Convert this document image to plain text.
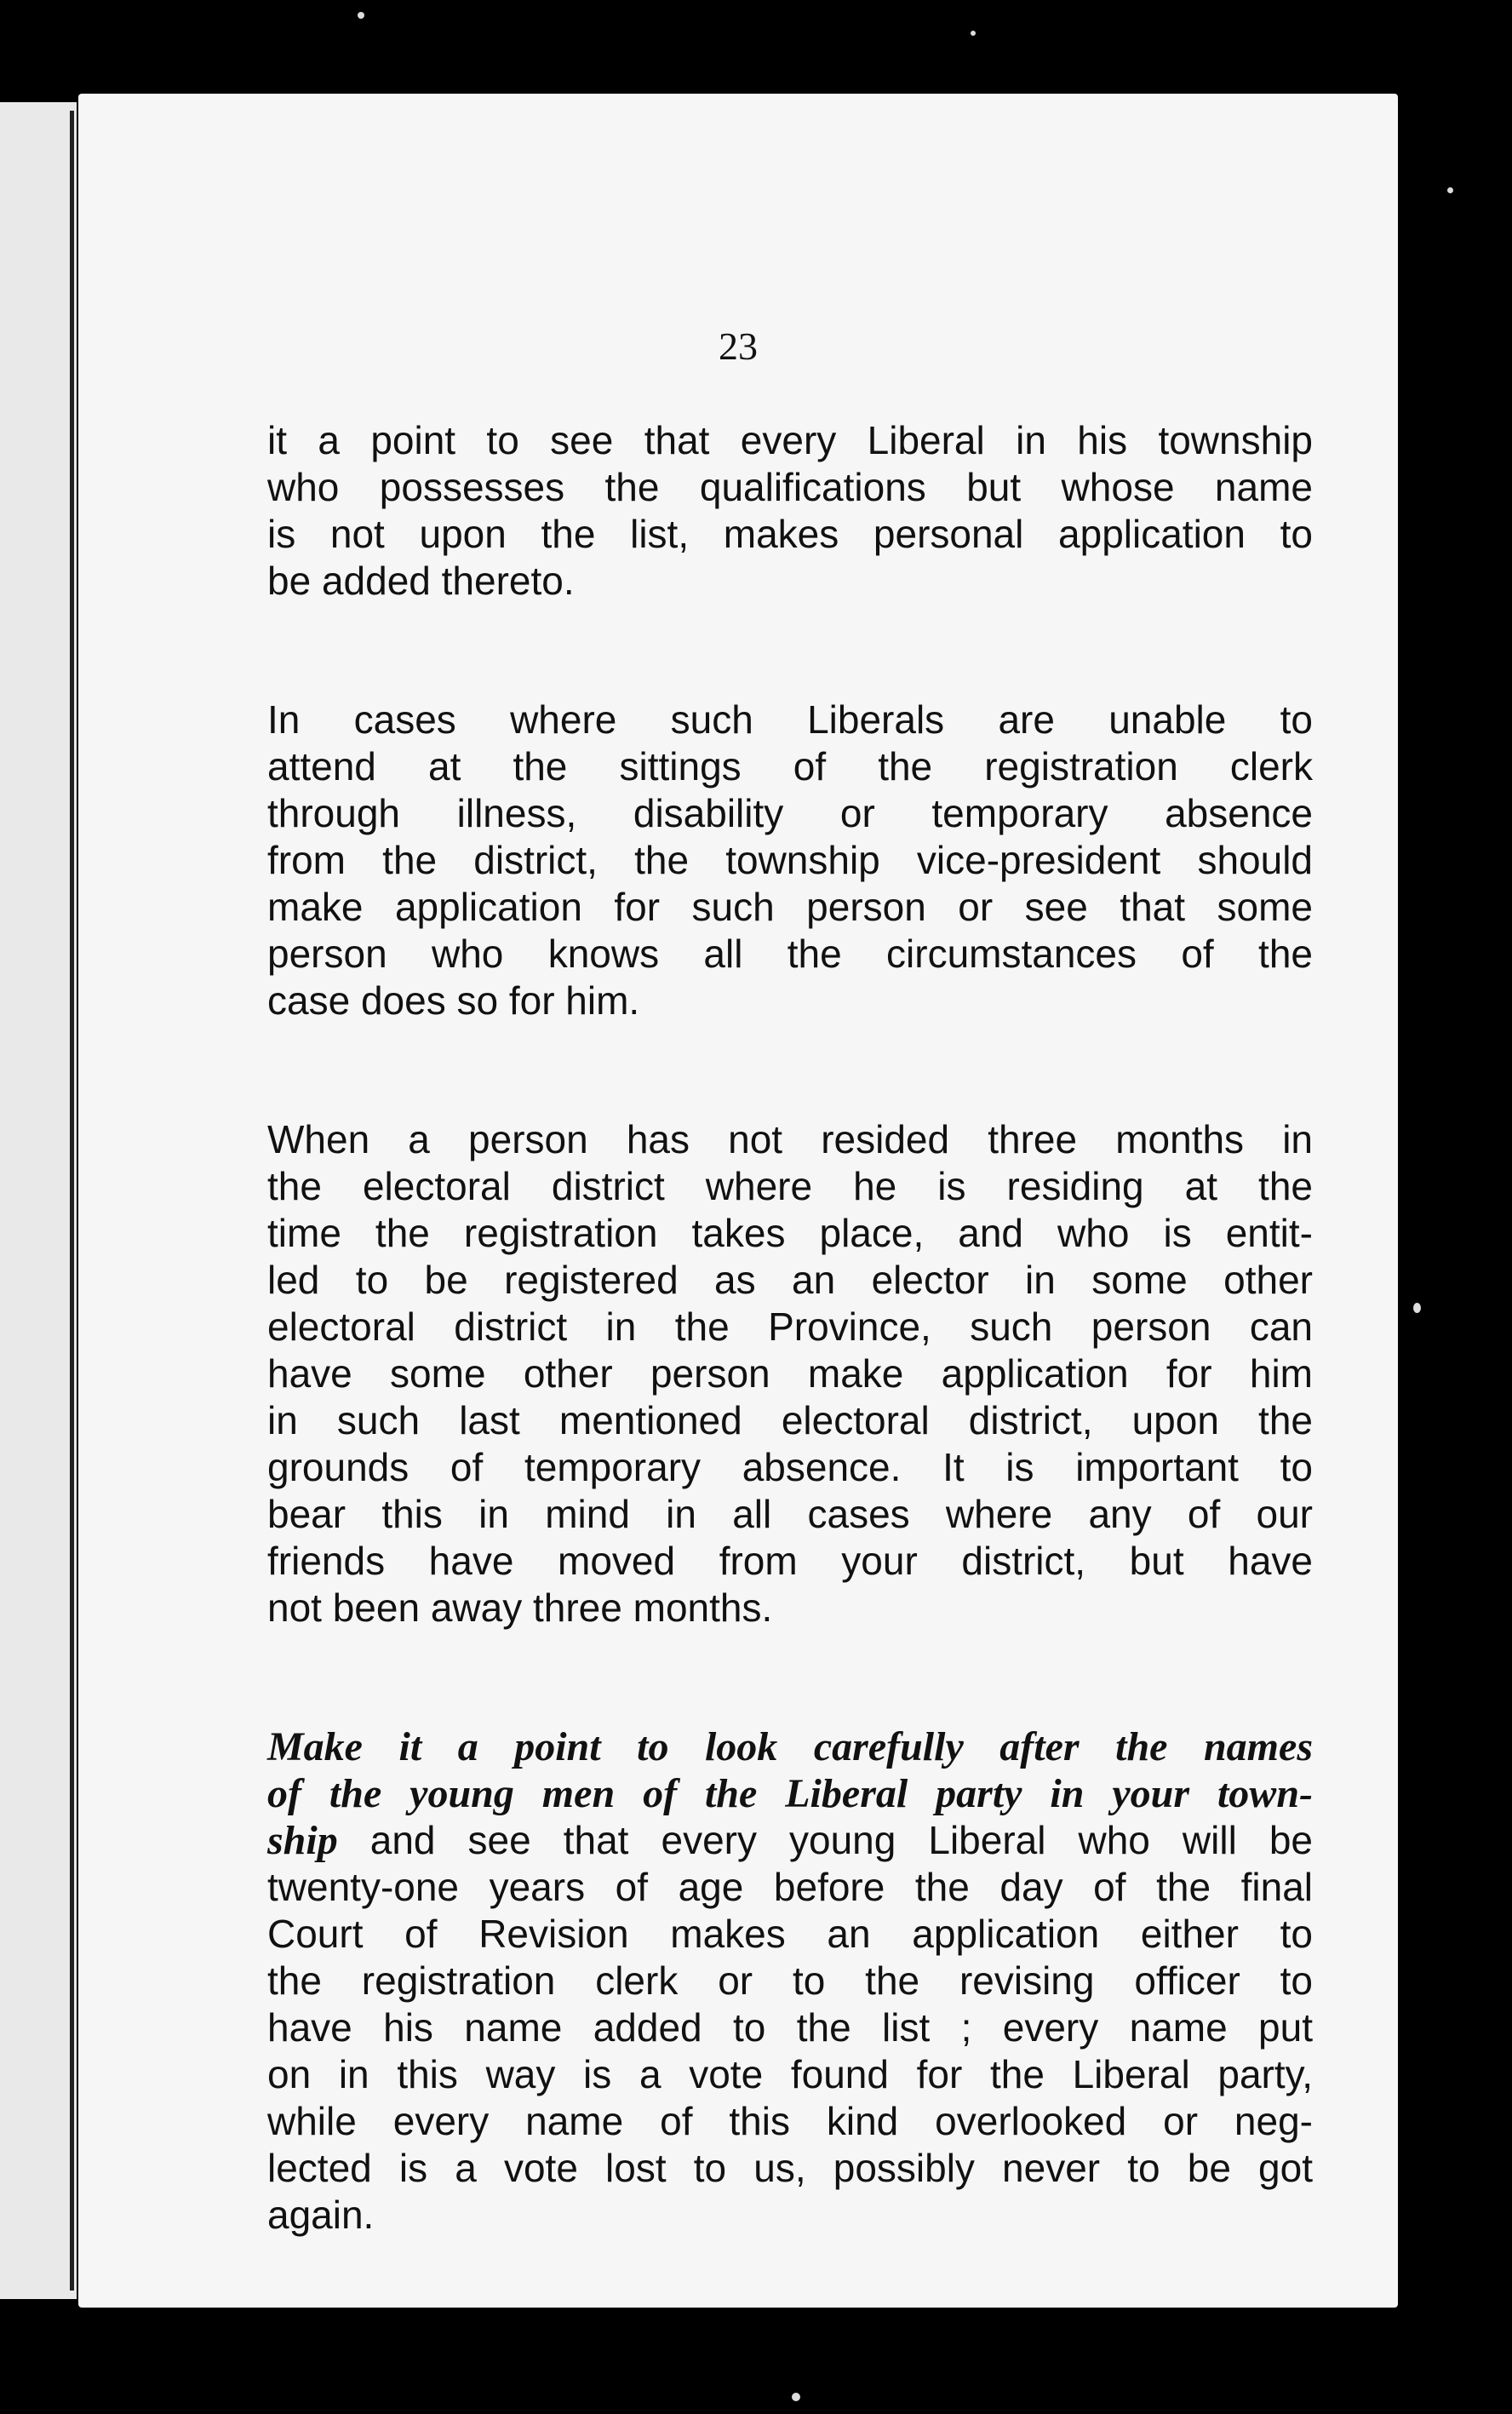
23
it a point to see that every Liberal in his township
who possesses the qualifications but whose name
is not upon the list, makes personal application to
be added thereto.
In cases where such Liberals are unable to
attend at the sittings of the registration clerk
through illness, disability or temporary absence
from the district, the township vice-president should
make application for such person or see that some
person who knows all the circumstances of the
case does so for him.
When a person has not resided three months in
the electoral district where he is residing at the
time the registration takes place, and who is entit-
led to be registered as an elector in some other
electoral district in the Province, such person can
have some other person make application for him
in such last mentioned electoral district, upon the
grounds of temporary absence. It is important to
bear this in mind in all cases where any of our
friends have moved from your district, but have
not been away three months.
Make it a point to look carefully after the names
of the young men of the Liberal party in your town-
ship and see that every young Liberal who will be
twenty-one years of age before the day of the final
Court of Revision makes an application either to
the registration clerk or to the revising officer to
have his name added to the list ; every name put
on in this way is a vote found for the Liberal party,
while every name of this kind overlooked or neg-
lected is a vote lost to us, possibly never to be got
again.
